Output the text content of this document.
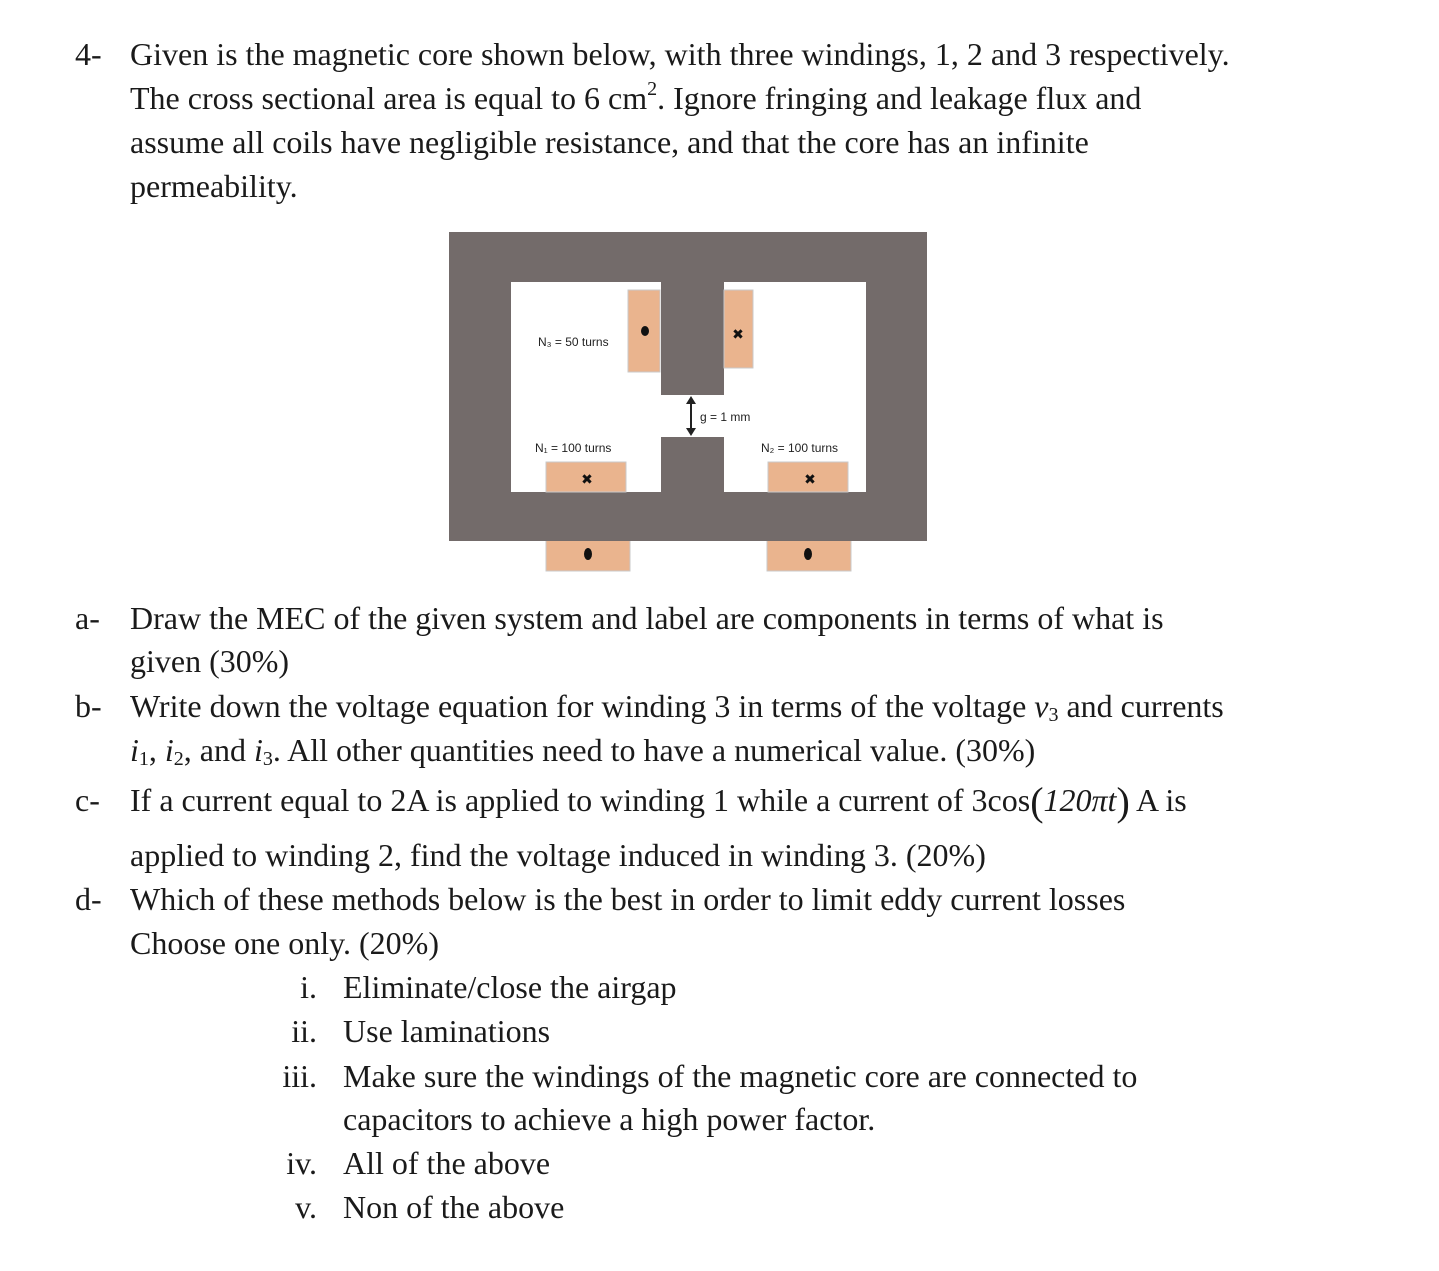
4- Given is the magnetic core shown below, with three windings, 1, 2 and 3 respectively.
The cross sectional area is equal to 6 $cm^2$. Ignore fringing and leakage flux and
assume all coils have negligible resistance, and that the core has an infinite
permeability.
✖
✖	✖
N₃ = 50 turns
g = 1 mm
N₁ = 100 turns	N₂ = 100 turns
a- Draw the MEC of the given system and label are components in terms of what is
given (30%)
b- Write down the voltage equation for winding 3 in terms of the voltage $v_3$ and currents
$i_1$, $i_2$, and $i_3$. All other quantities need to have a numerical value. (30%)
c- If a current equal to 2A is applied to winding 1 while a current of 3cos(120πt) A is
applied to winding 2, find the voltage induced in winding 3. (20%)
d- Which of these methods below is the best in order to limit eddy current losses
Choose one only. (20%)
i. Eliminate/close the airgap
ii. Use laminations
iii. Make sure the windings of the magnetic core are connected to
capacitors to achieve a high power factor.
iv. All of the above
v. Non of the above
